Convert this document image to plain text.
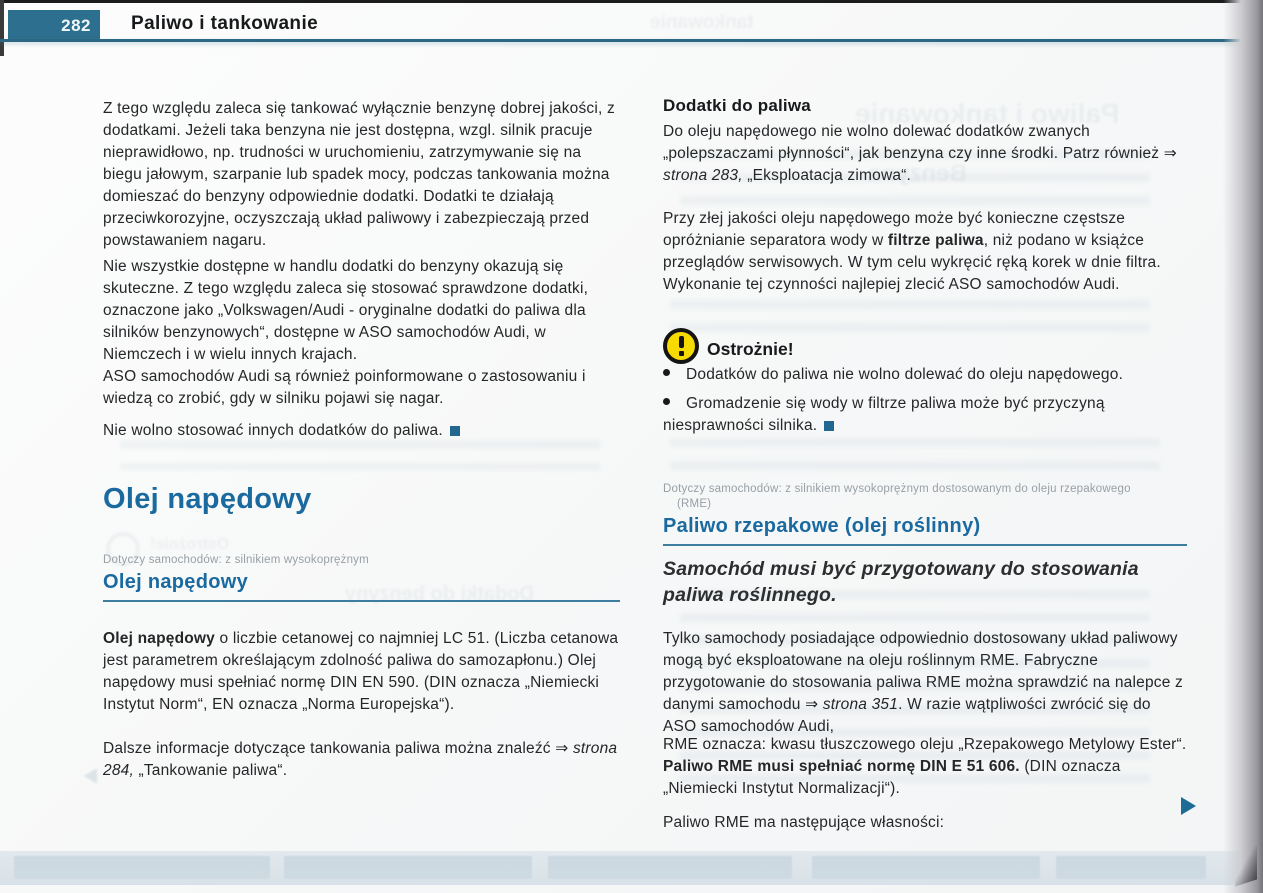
tankowanie
Paliwo i tankowanie
Benzyna
Dodatki do benzyny
Ostrożnie!
282 Paliwo i tankowanie
Z tego względu zaleca się tankować wyłącznie benzynę dobrej jakości, z dodatkami. Jeżeli taka benzyna nie jest dostępna, wzgl. silnik pracuje nieprawidłowo, np. trudności w uruchomieniu, zatrzymywanie się na biegu jałowym, szarpanie lub spadek mocy, podczas tankowania można domieszać do benzyny odpowiednie dodatki. Dodatki te działają przeciwkorozyjne, oczyszczają układ paliwowy i zabezpieczają przed powstawaniem nagaru.
Nie wszystkie dostępne w handlu dodatki do benzyny okazują się skuteczne. Z tego względu zaleca się stosować sprawdzone dodatki, oznaczone jako „Volkswagen/Audi - oryginalne dodatki do paliwa dla silników benzynowych“, dostępne w ASO samochodów Audi, w Niemczech i w wielu innych krajach.
ASO samochodów Audi są również poinformowane o zastosowaniu i wiedzą co zrobić, gdy w silniku pojawi się nagar.
Nie wolno stosować innych dodatków do paliwa.
Olej napędowy
Dotyczy samochodów: z silnikiem wysokoprężnym
Olej napędowy
Olej napędowy o liczbie cetanowej co najmniej LC 51. (Liczba cetanowa jest parametrem określającym zdolność paliwa do samozapłonu.) Olej napędowy musi spełniać normę DIN EN 590. (DIN oznacza „Niemiecki Instytut Norm“, EN oznacza „Norma Europejska“).
Dalsze informacje dotyczące tankowania paliwa można znaleźć ⇒ strona 284, „Tankowanie paliwa“.
Dodatki do paliwa
Do oleju napędowego nie wolno dolewać dodatków zwanych „polepszaczami płynności“, jak benzyna czy inne środki. Patrz również ⇒ strona 283, „Eksploatacja zimowa“.
Przy złej jakości oleju napędowego może być konieczne częstsze opróżnianie separatora wody w filtrze paliwa, niż podano w książce przeglądów serwisowych. W tym celu wykręcić ręką korek w dnie filtra. Wykonanie tej czynności najlepiej zlecić ASO samochodów Audi.
Ostrożnie!
Dodatków do paliwa nie wolno dolewać do oleju napędowego.
Gromadzenie się wody w filtrze paliwa może być przyczyną niesprawności silnika.
Dotyczy samochodów: z silnikiem wysokoprężnym dostosowanym do oleju rzepakowego
(RME)
Paliwo rzepakowe (olej roślinny)
Samochód musi być przygotowany do stosowania paliwa roślinnego.
Tylko samochody posiadające odpowiednio dostosowany układ paliwowy mogą być eksploatowane na oleju roślinnym RME. Fabryczne przygotowanie do stosowania paliwa RME można sprawdzić na nalepce z danymi samochodu ⇒ strona 351. W razie wątpliwości zwrócić się do ASO samochodów Audi,
RME oznacza: kwasu tłuszczowego oleju „Rzepakowego Metylowy Ester“. Paliwo RME musi spełniać normę DIN E 51 606. (DIN oznacza „Niemiecki Instytut Normalizacji“).
Paliwo RME ma następujące własności:
